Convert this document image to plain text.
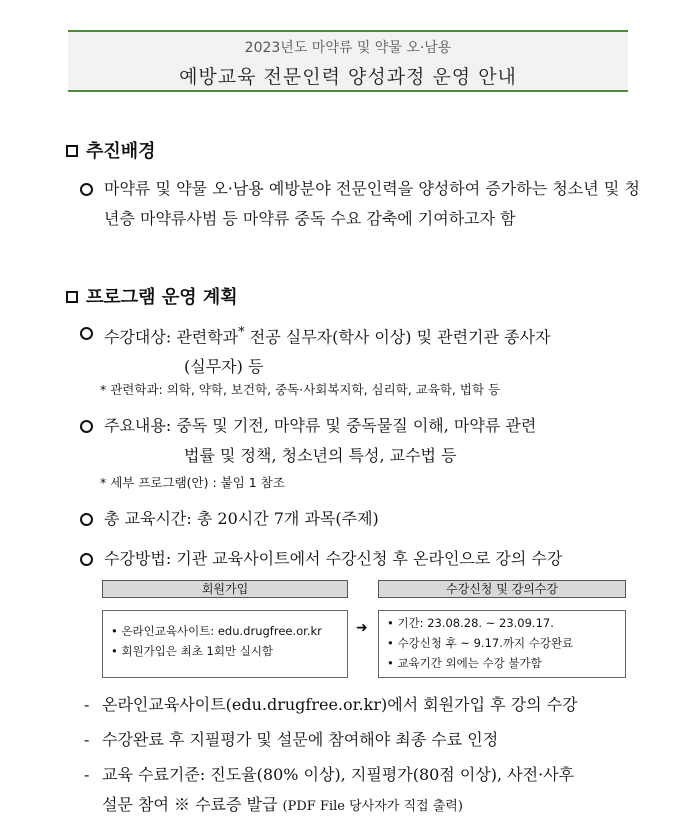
2023년도 마약류 및 약물 오·남용
예방교육 전문인력 양성과정 운영 안내
추진배경
마약류 및 약물 오·남용 예방분야 전문인력을 양성하여 증가하는 청소년 및 청년층 마약류사범 등 마약류 중독 수요 감축에 기여하고자 함
프로그램 운영 계획
수강대상: 관련학과* 전공 실무자(학사 이상) 및 관련기관 종사자
(실무자) 등
* 관련학과: 의학, 약학, 보건학, 중독·사회복지학, 심리학, 교육학, 법학 등
주요내용: 중독 및 기전, 마약류 및 중독물질 이해, 마약류 관련
법률 및 정책, 청소년의 특성, 교수법 등
* 세부 프로그램(안) : 붙임 1 참조
총 교육시간: 총 20시간 7개 과목(주제)
수강방법: 기관 교육사이트에서 수강신청 후 온라인으로 강의 수강
회원가입	수강신청 및 강의수강
• 온라인교육사이트: edu.drugfree.or.kr
• 회원가입은 최초 1회만 실시함
➜
•	기간: 23.08.28. ~ 23.09.17.
• 수강신청 후 ~ 9.17.까지 수강완료
• 교육기간 외에는 수강 불가함
- 온라인교육사이트(edu.drugfree.or.kr)에서 회원가입 후 강의 수강
- 수강완료 후 지필평가 및 설문에 참여해야 최종 수료 인정
- 교육 수료기준: 진도율(80% 이상), 지필평가(80점 이상), 사전·사후
설문 참여 ※ 수료증 발급 (PDF File 당사자가 직접 출력)
